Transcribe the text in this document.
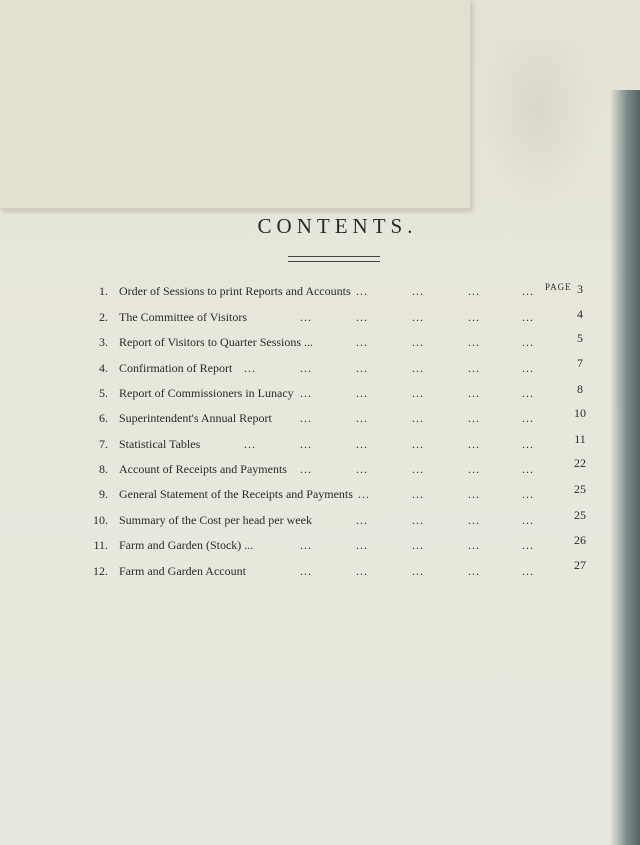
CONTENTS.
PAGE
1. Order of Sessions to print Reports and Accounts ...	...	...	...	3
2. The Committee of Visitors	...	...	...	...	...	4
3. Report of Visitors to Quarter Sessions ...	...	...	...	...	5
4. Confirmation of Report ...	...	...	...	...	...	7
5. Report of Commissioners in Lunacy ...	...	...	...	...	8
6. Superintendent's Annual Report ...	...	...	...	...	10
7. Statistical Tables	...	...	...	...	...	...	11
8. Account of Receipts and Payments ...	...	...	...	...	22
9. General Statement of the Receipts and Payments ...	...	...	...	25
10. Summary of the Cost per head per week	...	...	...	...	25
11. Farm and Garden (Stock) ...	...	...	...	...	...	26
12. Farm and Garden Account	...	...	...	...	...	27
